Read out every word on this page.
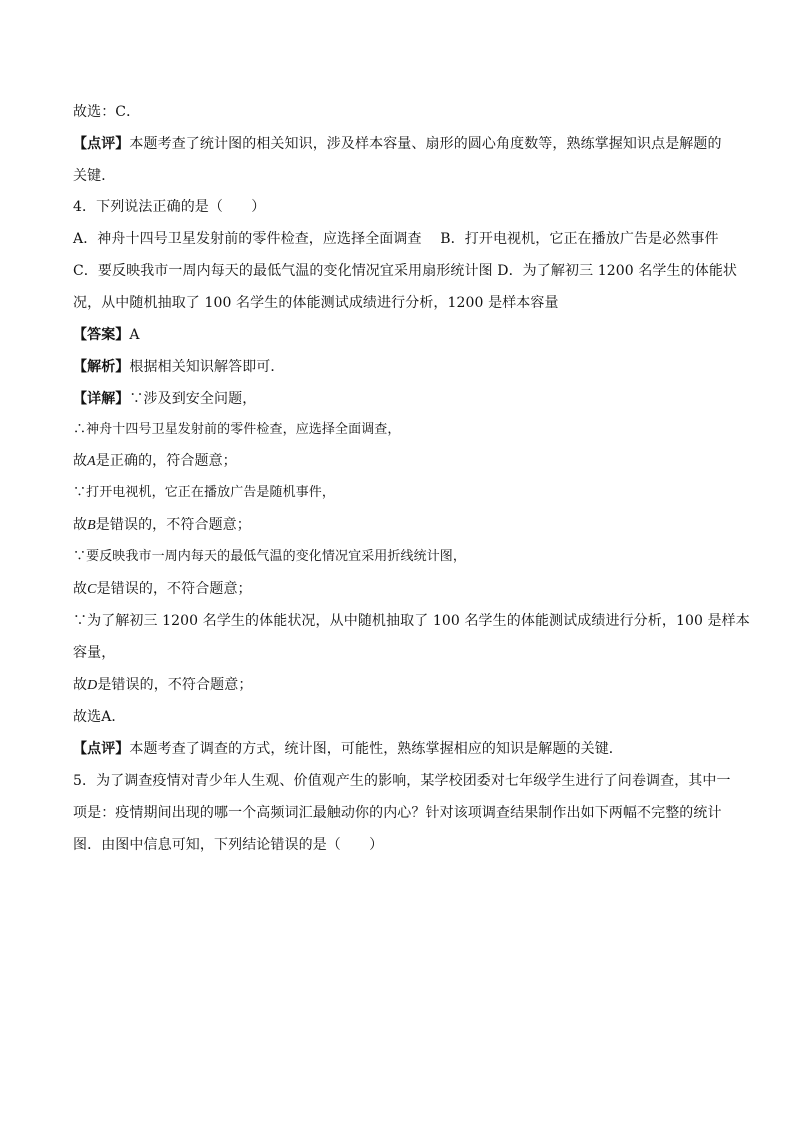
故选：C．
【点评】本题考查了统计图的相关知识，涉及样本容量、扇形的圆心角度数等，熟练掌握知识点是解题的
关键．
4．下列说法正确的是（　　）
A．神舟十四号卫星发射前的零件检查，应选择全面调查　 B．打开电视机，它正在播放广告是必然事件
C．要反映我市一周内每天的最低气温的变化情况宜采用扇形统计图 D．为了解初三 1200 名学生的体能状
况，从中随机抽取了 100 名学生的体能测试成绩进行分析，1200 是样本容量
【答案】A
【解析】根据相关知识解答即可．
【详解】∵涉及到安全问题，
∴神舟十四号卫星发射前的零件检查，应选择全面调查，
故A是正确的，符合题意；
∵打开电视机，它正在播放广告是随机事件，
故B是错误的，不符合题意；
∵要反映我市一周内每天的最低气温的变化情况宜采用折线统计图，
故C是错误的，不符合题意；
∵为了解初三 1200 名学生的体能状况，从中随机抽取了 100 名学生的体能测试成绩进行分析，100 是样本
容量，
故D是错误的，不符合题意；
故选A．
【点评】本题考查了调查的方式，统计图，可能性，熟练掌握相应的知识是解题的关键．
5．为了调查疫情对青少年人生观、价值观产生的影响，某学校团委对七年级学生进行了问卷调查，其中一
项是：疫情期间出现的哪一个高频词汇最触动你的内心？针对该项调查结果制作出如下两幅不完整的统计
图．由图中信息可知，下列结论错误的是（　　）
